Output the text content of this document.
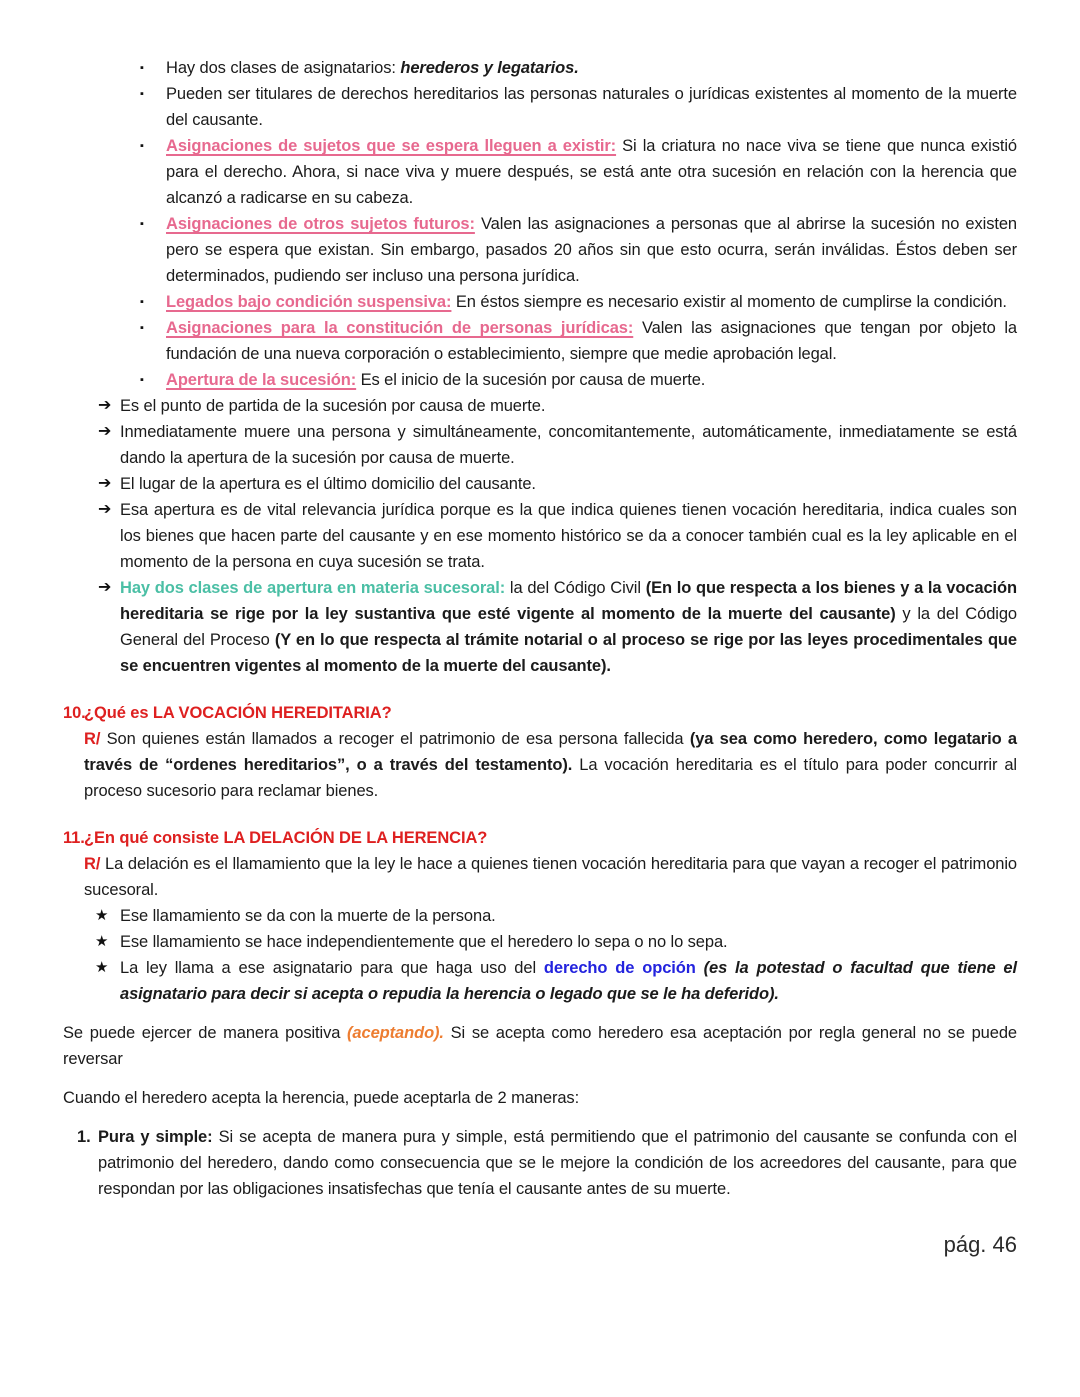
▪	Hay dos clases de asignatarios: herederos y legatarios.
▪	Pueden ser titulares de derechos hereditarios las personas naturales o jurídicas existentes al momento de la muerte del causante.
▪	Asignaciones de sujetos que se espera lleguen a existir: Si la criatura no nace viva se tiene que nunca existió para el derecho. Ahora, si nace viva y muere después, se está ante otra sucesión en relación con la herencia que alcanzó a radicarse en su cabeza.
▪	Asignaciones de otros sujetos futuros: Valen las asignaciones a personas que al abrirse la sucesión no existen pero se espera que existan. Sin embargo, pasados 20 años sin que esto ocurra, serán inválidas. Éstos deben ser determinados, pudiendo ser incluso una persona jurídica.
▪	Legados bajo condición suspensiva: En éstos siempre es necesario existir al momento de cumplirse la condición.
▪	Asignaciones para la constitución de personas jurídicas: Valen las asignaciones que tengan por objeto la fundación de una nueva corporación o establecimiento, siempre que medie aprobación legal.
▪	Apertura de la sucesión: Es el inicio de la sucesión por causa de muerte.
➔ Es el punto de partida de la sucesión por causa de muerte.
➔ Inmediatamente muere una persona y simultáneamente, concomitantemente, automáticamente, inmediatamente se está dando la apertura de la sucesión por causa de muerte.
➔ El lugar de la apertura es el último domicilio del causante.
➔ Esa apertura es de vital relevancia jurídica porque es la que indica quienes tienen vocación hereditaria, indica cuales son los bienes que hacen parte del causante y en ese momento histórico se da a conocer también cual es la ley aplicable en el momento de la persona en cuya sucesión se trata.
➔ Hay dos clases de apertura en materia sucesoral: la del Código Civil (En lo que respecta a los bienes y a la vocación hereditaria se rige por la ley sustantiva que esté vigente al momento de la muerte del causante) y la del Código General del Proceso (Y en lo que respecta al trámite notarial o al proceso se rige por las leyes procedimentales que se encuentren vigentes al momento de la muerte del causante).
10.
¿Qué es LA VOCACIÓN HEREDITARIA?
R/ Son quienes están llamados a recoger el patrimonio de esa persona fallecida (ya sea como heredero, como legatario a través de “ordenes hereditarios”, o a través del testamento). La vocación hereditaria es el título para poder concurrir al proceso sucesorio para reclamar bienes.
11. ¿En qué consiste LA DELACIÓN DE LA HERENCIA?
R/ La delación es el llamamiento que la ley le hace a quienes tienen vocación hereditaria para que vayan a recoger el patrimonio sucesoral.
★ Ese llamamiento se da con la muerte de la persona.
★ Ese llamamiento se hace independientemente que el heredero lo sepa o no lo sepa.
★ La ley llama a ese asignatario para que haga uso del derecho de opción (es la potestad o facultad que tiene el asignatario para decir si acepta o repudia la herencia o legado que se le ha deferido).
Se puede ejercer de manera positiva (aceptando). Si se acepta como heredero esa aceptación por regla general no se puede reversar
Cuando el heredero acepta la herencia, puede aceptarla de 2 maneras:
1. Pura y simple: Si se acepta de manera pura y simple, está permitiendo que el patrimonio del causante se confunda con el patrimonio del heredero, dando como consecuencia que se le mejore la condición de los acreedores del causante, para que respondan por las obligaciones insatisfechas que tenía el causante antes de su muerte.
pág. 46
